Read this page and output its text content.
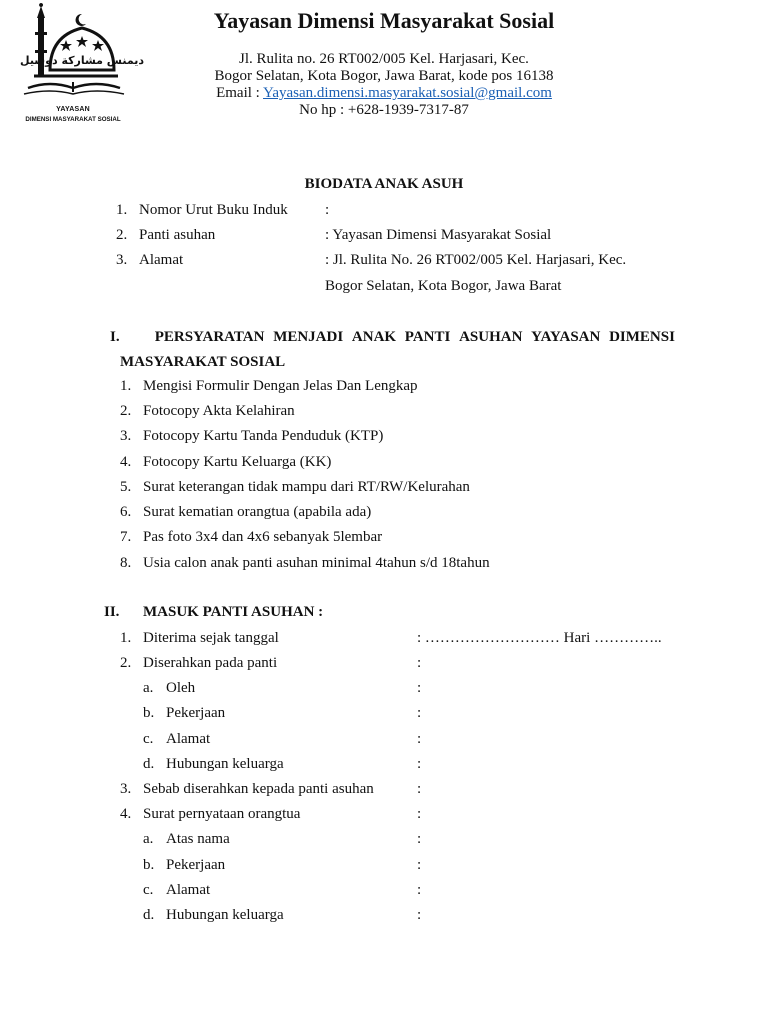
ديمنس مشاركة دوسيل
YAYASAN
DIMENSI MASYARAKAT SOSIAL
Yayasan Dimensi Masyarakat Sosial
Jl. Rulita no. 26 RT002/005 Kel. Harjasari, Kec.
Bogor Selatan, Kota Bogor, Jawa Barat, kode pos 16138
Email : Yayasan.dimensi.masyarakat.sosial@gmail.com
No hp : +628-1939-7317-87
BIODATA ANAK ASUH
1. Nomor Urut Buku Induk :
2. Panti asuhan	: Yayasan Dimensi Masyarakat Sosial
3. Alamat	: Jl. Rulita No. 26 RT002/005 Kel. Harjasari, Kec.
Bogor Selatan, Kota Bogor, Jawa Barat
I.	PERSYARATAN MENJADI ANAK PANTI ASUHAN YAYASAN DIMENSI
MASYARAKAT SOSIAL
1. Mengisi Formulir Dengan Jelas Dan Lengkap
2. Fotocopy Akta Kelahiran
3. Fotocopy Kartu Tanda Penduduk (KTP)
4. Fotocopy Kartu Keluarga (KK)
5. Surat keterangan tidak mampu dari RT/RW/Kelurahan
6. Surat kematian orangtua (apabila ada)
7. Pas foto 3x4 dan 4x6 sebanyak 5lembar
8. Usia calon anak panti asuhan minimal 4tahun s/d 18tahun
II. MASUK PANTI ASUHAN :
1. Diterima sejak tanggal	: ……………………… Hari …………..
2. Diserahkan pada panti	:
a. Oleh	:
b. Pekerjaan	:
c. Alamat	:
d. Hubungan keluarga	:
3. Sebab diserahkan kepada panti asuhan	:
4. Surat pernyataan orangtua	:
a. Atas nama	:
b. Pekerjaan	:
c. Alamat	:
d. Hubungan keluarga	:
